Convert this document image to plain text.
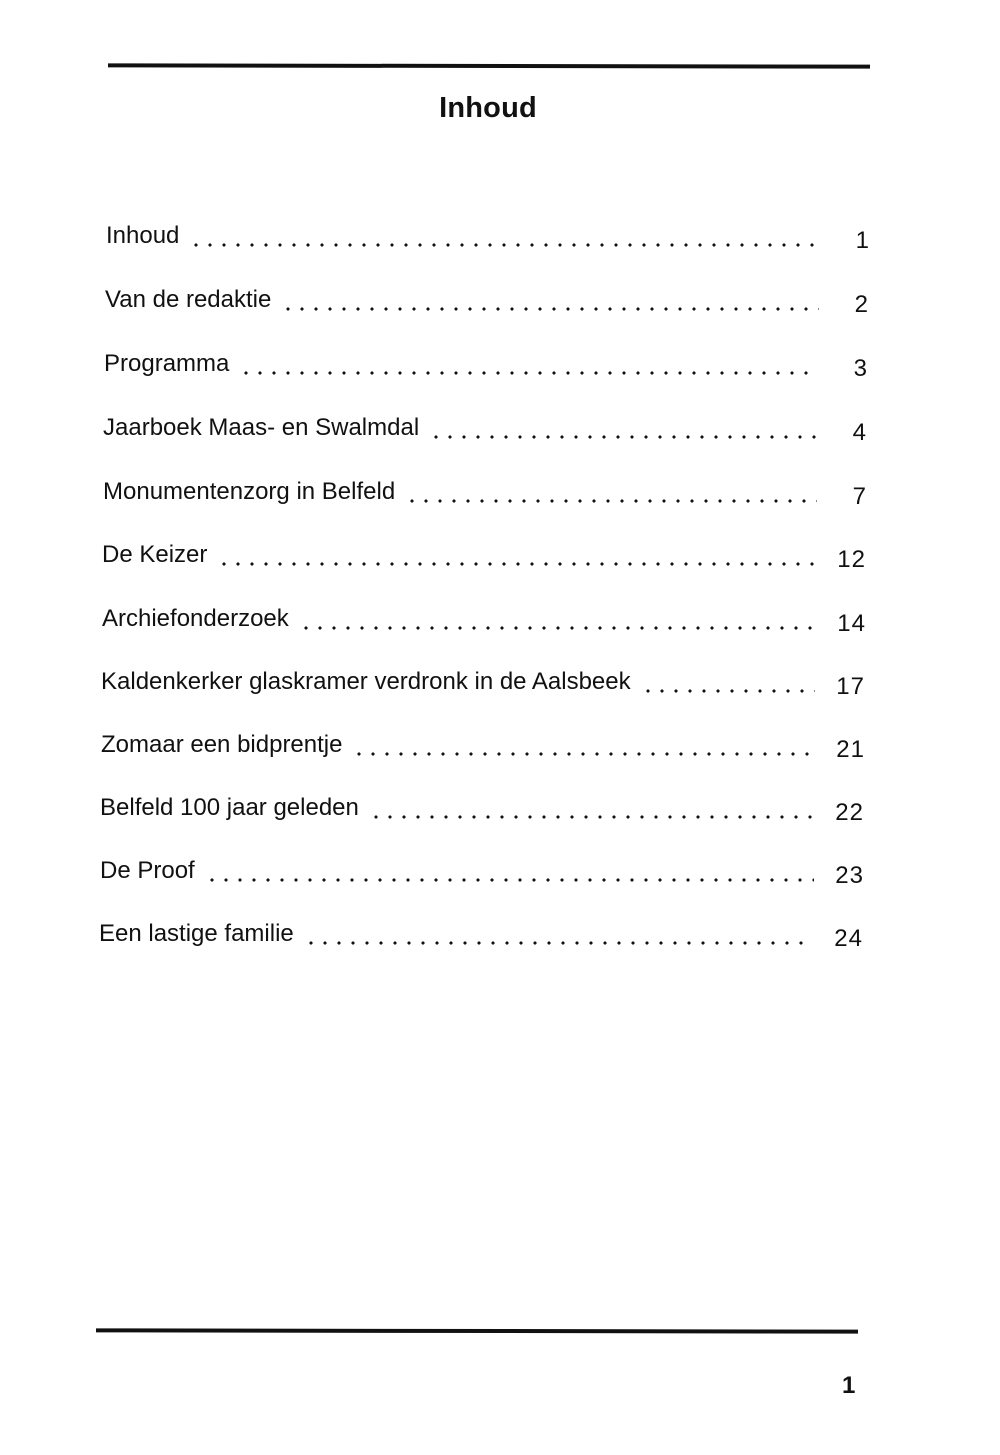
Inhoud
Inhoud	1
Van de redaktie	2
Programma	3
Jaarboek Maas- en Swalmdal	4
Monumentenzorg in Belfeld	7
De Keizer	12
Archiefonderzoek	14
Kaldenkerker glaskramer verdronk in de Aalsbeek	17
Zomaar een bidprentje	21
Belfeld 100 jaar geleden	22
De Proof	23
Een lastige familie	24
1
